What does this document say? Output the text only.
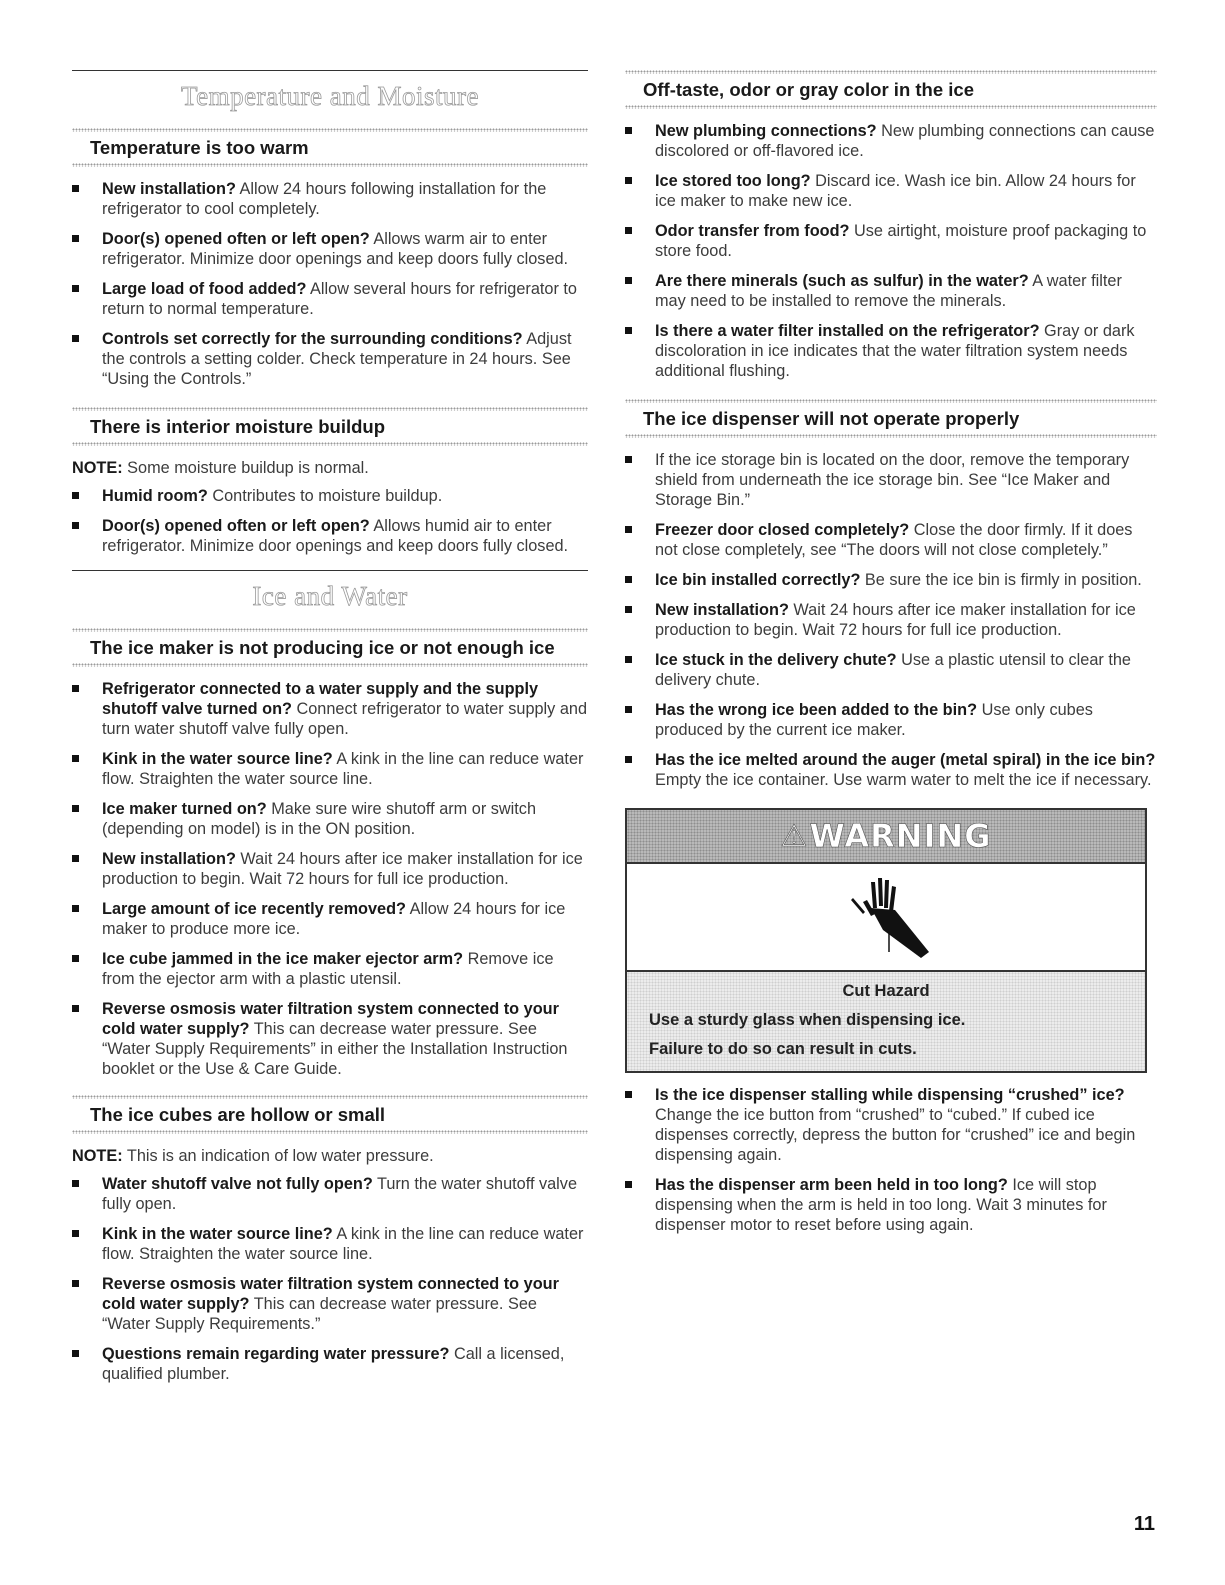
Temperature and Moisture
Temperature is too warm
New installation? Allow 24 hours following installation for the refrigerator to cool completely.
Door(s) opened often or left open? Allows warm air to enter refrigerator. Minimize door openings and keep doors fully closed.
Large load of food added? Allow several hours for refrigerator to return to normal temperature.
Controls set correctly for the surrounding conditions? Adjust the controls a setting colder. Check temperature in 24 hours. See “Using the Controls.”
There is interior moisture buildup
NOTE: Some moisture buildup is normal.
Humid room? Contributes to moisture buildup.
Door(s) opened often or left open? Allows humid air to enter refrigerator. Minimize door openings and keep doors fully closed.
Ice and Water
The ice maker is not producing ice or not enough ice
Refrigerator connected to a water supply and the supply shutoff valve turned on? Connect refrigerator to water supply and turn water shutoff valve fully open.
Kink in the water source line? A kink in the line can reduce water flow. Straighten the water source line.
Ice maker turned on? Make sure wire shutoff arm or switch (depending on model) is in the ON position.
New installation? Wait 24 hours after ice maker installation for ice production to begin. Wait 72 hours for full ice production.
Large amount of ice recently removed? Allow 24 hours for ice maker to produce more ice.
Ice cube jammed in the ice maker ejector arm? Remove ice from the ejector arm with a plastic utensil.
Reverse osmosis water filtration system connected to your cold water supply? This can decrease water pressure. See “Water Supply Requirements” in either the Installation Instruction booklet or the Use & Care Guide.
The ice cubes are hollow or small
NOTE: This is an indication of low water pressure.
Water shutoff valve not fully open? Turn the water shutoff valve fully open.
Kink in the water source line? A kink in the line can reduce water flow. Straighten the water source line.
Reverse osmosis water filtration system connected to your cold water supply? This can decrease water pressure. See “Water Supply Requirements.”
Questions remain regarding water pressure? Call a licensed, qualified plumber.
Off-taste, odor or gray color in the ice
New plumbing connections? New plumbing connections can cause discolored or off-flavored ice.
Ice stored too long? Discard ice. Wash ice bin. Allow 24 hours for ice maker to make new ice.
Odor transfer from food? Use airtight, moisture proof packaging to store food.
Are there minerals (such as sulfur) in the water? A water filter may need to be installed to remove the minerals.
Is there a water filter installed on the refrigerator? Gray or dark discoloration in ice indicates that the water filtration system needs additional flushing.
The ice dispenser will not operate properly
If the ice storage bin is located on the door, remove the temporary shield from underneath the ice storage bin. See “Ice Maker and Storage Bin.”
Freezer door closed completely? Close the door firmly. If it does not close completely, see “The doors will not close completely.”
Ice bin installed correctly? Be sure the ice bin is firmly in position.
New installation? Wait 24 hours after ice maker installation for ice production to begin. Wait 72 hours for full ice production.
Ice stuck in the delivery chute? Use a plastic utensil to clear the delivery chute.
Has the wrong ice been added to the bin? Use only cubes produced by the current ice maker.
Has the ice melted around the auger (metal spiral) in the ice bin? Empty the ice container. Use warm water to melt the ice if necessary.
⚠ WARNING
Cut Hazard
Use a sturdy glass when dispensing ice.
Failure to do so can result in cuts.
Is the ice dispenser stalling while dispensing “crushed” ice? Change the ice button from “crushed” to “cubed.” If cubed ice dispenses correctly, depress the button for “crushed” ice and begin dispensing again.
Has the dispenser arm been held in too long? Ice will stop dispensing when the arm is held in too long. Wait 3 minutes for dispenser motor to reset before using again.
11
